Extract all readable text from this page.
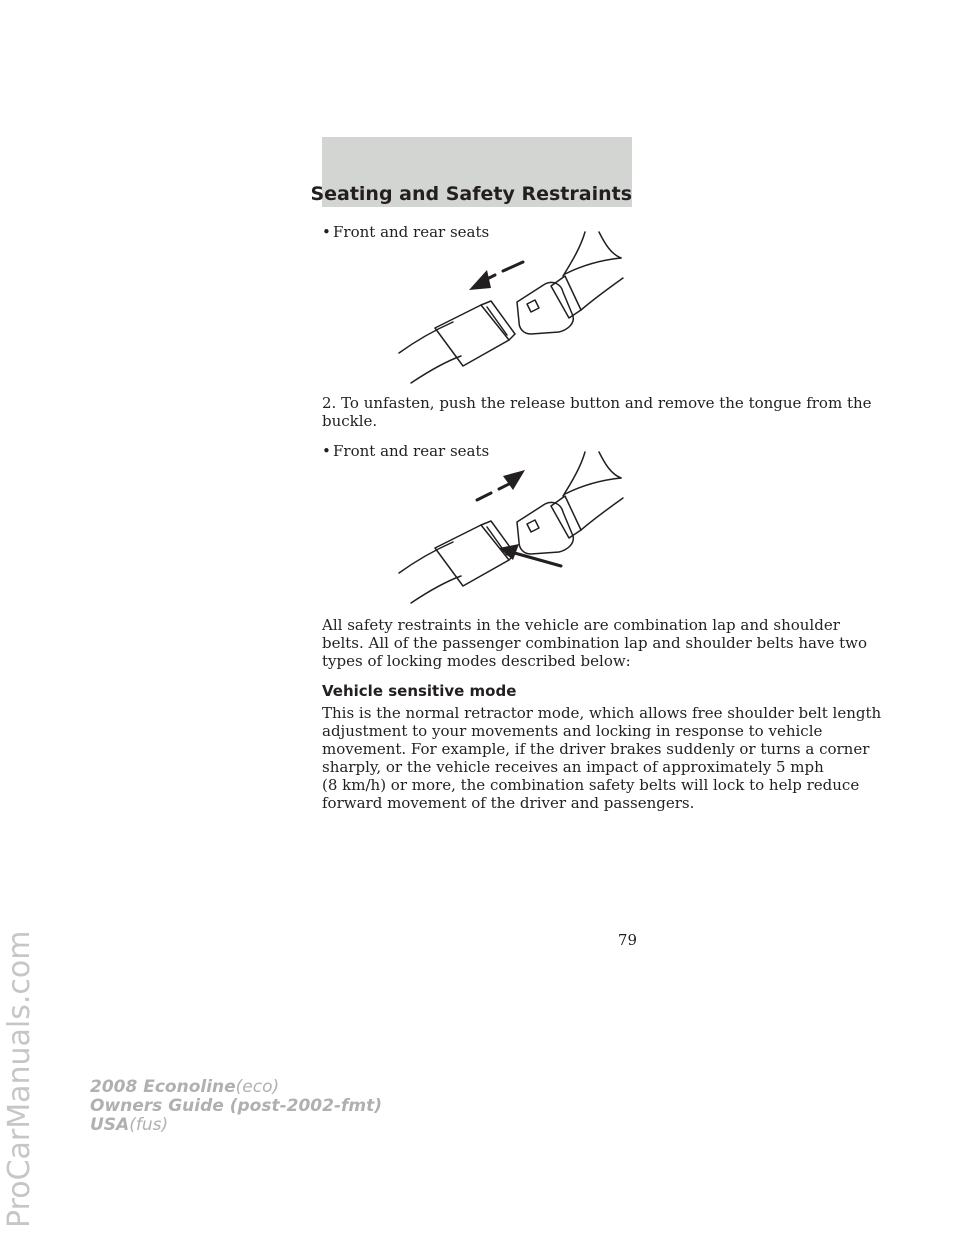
Seating and Safety Restraints
• Front and rear seats
2. To unfasten, push the release button and remove the tongue from the
buckle.
• Front and rear seats
All safety restraints in the vehicle are combination lap and shoulder
belts. All of the passenger combination lap and shoulder belts have two
types of locking modes described below:
Vehicle sensitive mode
This is the normal retractor mode, which allows free shoulder belt length
adjustment to your movements and locking in response to vehicle
movement. For example, if the driver brakes suddenly or turns a corner
sharply, or the vehicle receives an impact of approximately 5 mph
(8 km/h) or more, the combination safety belts will lock to help reduce
forward movement of the driver and passengers.
79
ProCarManuals.com	2008 Econoline(eco)
Owners Guide (post-2002-fmt)
USA(fus)
